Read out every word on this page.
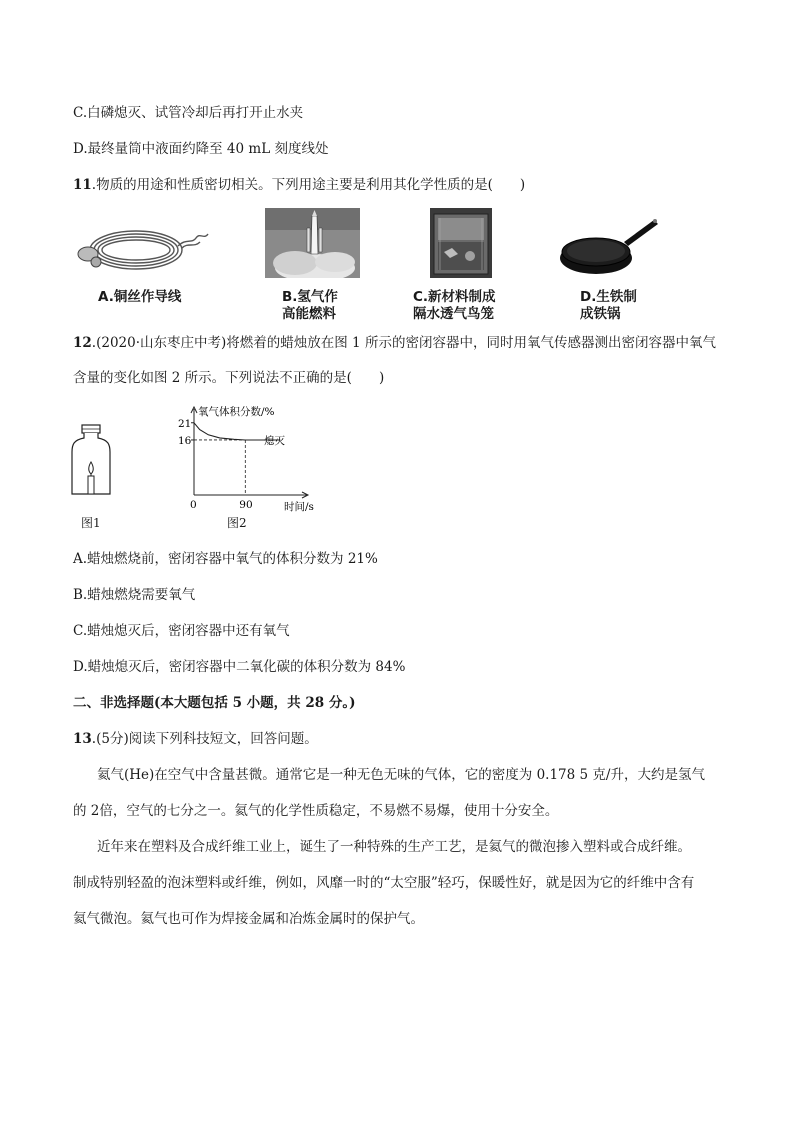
C.白磷熄灭、试管冷却后再打开止水夹
D.最终量筒中液面约降至 40 mL 刻度线处
11.物质的用途和性质密切相关。下列用途主要是利用其化学性质的是(　　)
A.铜丝作导线	B.氢气作
高能燃料
C.新材料制成
隔水透气鸟笼
D.生铁制
成铁锅
12.(2020·山东枣庄中考)将燃着的蜡烛放在图 1 所示的密闭容器中，同时用氧气传感器测出密闭容器中氧气
含量的变化如图 2 所示。下列说法不正确的是(　　)
图1
氧气体积分数/%
时间/s
21
16
0	90
熄灭
图2
A.蜡烛燃烧前，密闭容器中氧气的体积分数为 21%
B.蜡烛燃烧需要氧气
C.蜡烛熄灭后，密闭容器中还有氧气
D.蜡烛熄灭后，密闭容器中二氧化碳的体积分数为 84%
二、非选择题(本大题包括 5 小题，共 28 分。)
13.(5分)阅读下列科技短文，回答问题。
氦气(He)在空气中含量甚微。通常它是一种无色无味的气体，它的密度为 0.178 5 克/升，大约是氢气
的 2倍，空气的七分之一。氦气的化学性质稳定，不易燃不易爆，使用十分安全。
近年来在塑料及合成纤维工业上，诞生了一种特殊的生产工艺，是氦气的微泡掺入塑料或合成纤维。
制成特别轻盈的泡沫塑料或纤维，例如，风靡一时的“太空服”轻巧，保暖性好，就是因为它的纤维中含有
氦气微泡。氦气也可作为焊接金属和冶炼金属时的保护气。
